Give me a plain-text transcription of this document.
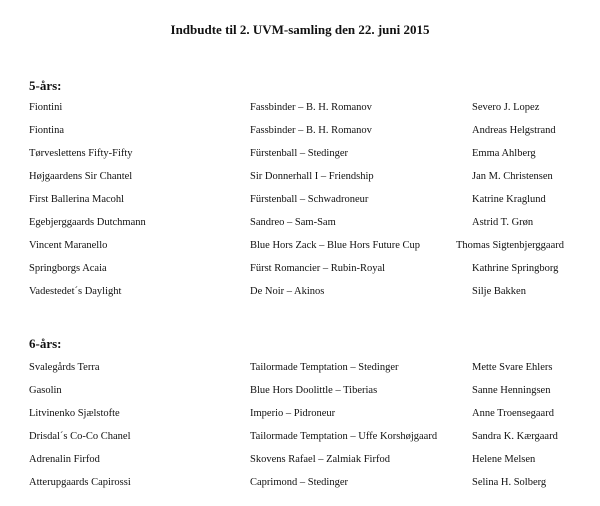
Indbudte til 2. UVM-samling den 22. juni 2015
5-års:
Fiontini	Fassbinder – B. H. Romanov	Severo J. Lopez
Fiontina	Fassbinder – B. H. Romanov	Andreas Helgstrand
Tørveslettens Fifty-Fifty	Fürstenball – Stedinger	Emma Ahlberg
Højgaardens Sir Chantel	Sir Donnerhall I – Friendship	Jan M. Christensen
First Ballerina Macohl	Fürstenball – Schwadroneur	Katrine Kraglund
Egebjerggaards Dutchmann	Sandreo – Sam-Sam	Astrid T. Grøn
Vincent Maranello	Blue Hors Zack – Blue Hors Future Cup	Thomas Sigtenbjerggaard
Springborgs Acaia	Fürst Romancier – Rubin-Royal	Kathrine Springborg
Vadestedet´s Daylight	De Noir – Akinos	Silje Bakken
6-års:
Svalegårds Terra	Tailormade Temptation – Stedinger	Mette Svare Ehlers
Gasolin	Blue Hors Doolittle – Tiberias	Sanne Henningsen
Litvinenko Sjælstofte	Imperio – Pidroneur	Anne Troensegaard
Drisdal´s Co-Co Chanel	Tailormade Temptation – Uffe Korshøjgaard	Sandra K. Kærgaard
Adrenalin Firfod	Skovens Rafael – Zalmiak Firfod	Helene Melsen
Atterupgaards Capirossi	Caprimond – Stedinger	Selina H. Solberg
